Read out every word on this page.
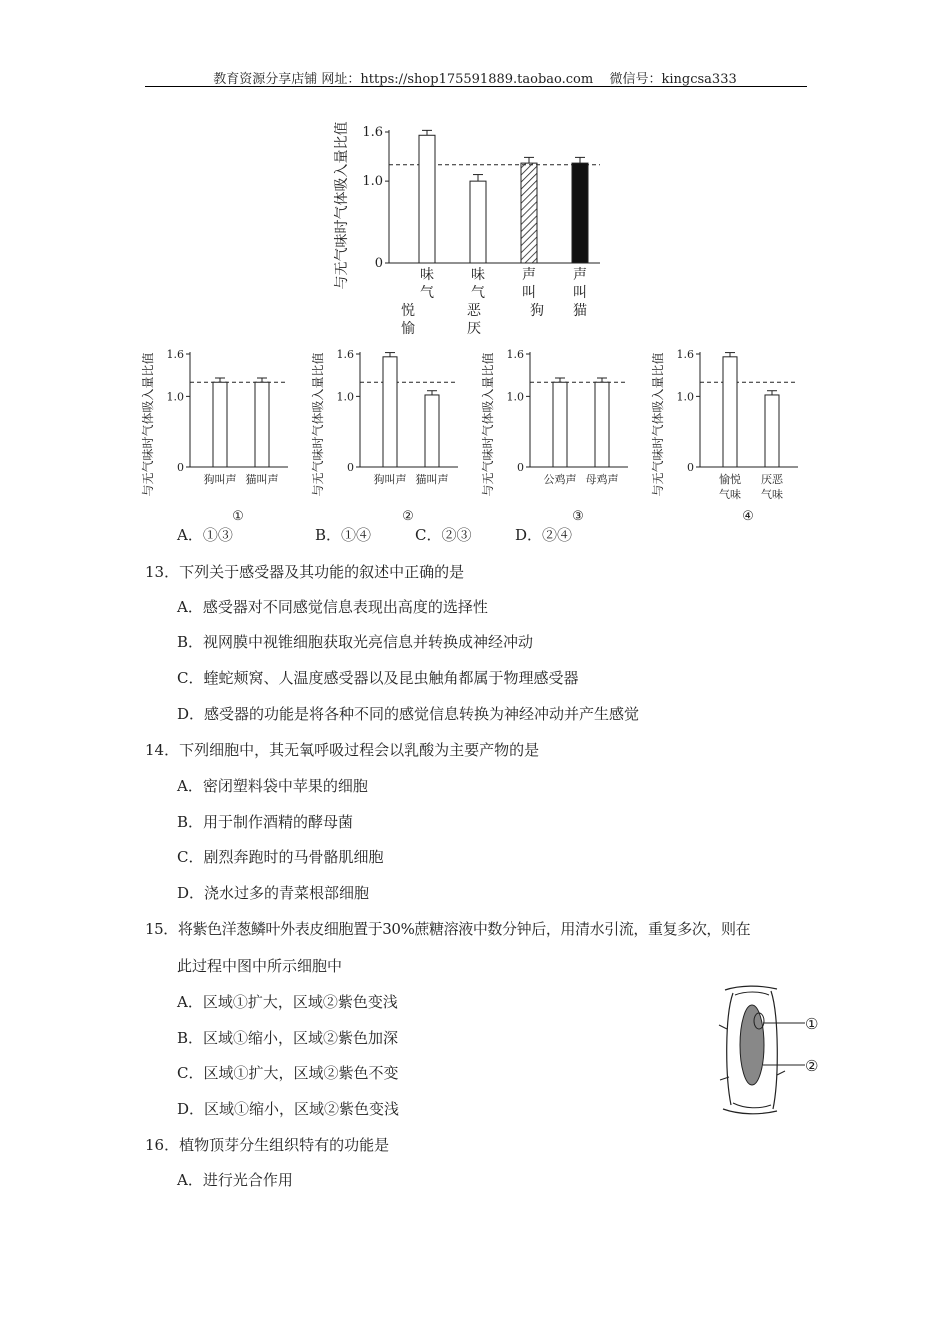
教育资源分享店铺 网址：https://shop175591889.taobao.com 微信号：kingcsa333
与无气味时气体吸入量比值 1.6
1.0
0
味
气
悦
愉
味
气
恶
厌
声
叫
狗
声
叫
猫
与无气味时气体吸入量比值 1.6
1.0
0
狗叫声 猫叫声
①
与无气味时气体吸入量比值 1.6
1.0
0
狗叫声 猫叫声
②
与无气味时气体吸入量比值 1.6
1.0
0
公鸡声 母鸡声
③
与无气味时气体吸入量比值 1.6
1.0
0
愉悦
气味
厌恶
气味
④
A．①③	B．①④	C．②③	D．②④
13．下列关于感受器及其功能的叙述中正确的是
A．感受器对不同感觉信息表现出高度的选择性
B．视网膜中视锥细胞获取光亮信息并转换成神经冲动
C．蝰蛇颊窝、人温度感受器以及昆虫触角都属于物理感受器
D．感受器的功能是将各种不同的感觉信息转换为神经冲动并产生感觉
14．下列细胞中，其无氧呼吸过程会以乳酸为主要产物的是
A．密闭塑料袋中苹果的细胞
B．用于制作酒精的酵母菌
C．剧烈奔跑时的马骨骼肌细胞
D．浇水过多的青菜根部细胞
15．将紫色洋葱鳞叶外表皮细胞置于30%蔗糖溶液中数分钟后，用清水引流，重复多次，则在
此过程中图中所示细胞中
A．区域①扩大，区域②紫色变浅
B．区域①缩小，区域②紫色加深
C．区域①扩大，区域②紫色不变
D．区域①缩小，区域②紫色变浅
①
②
16．植物顶芽分生组织特有的功能是
A．进行光合作用
